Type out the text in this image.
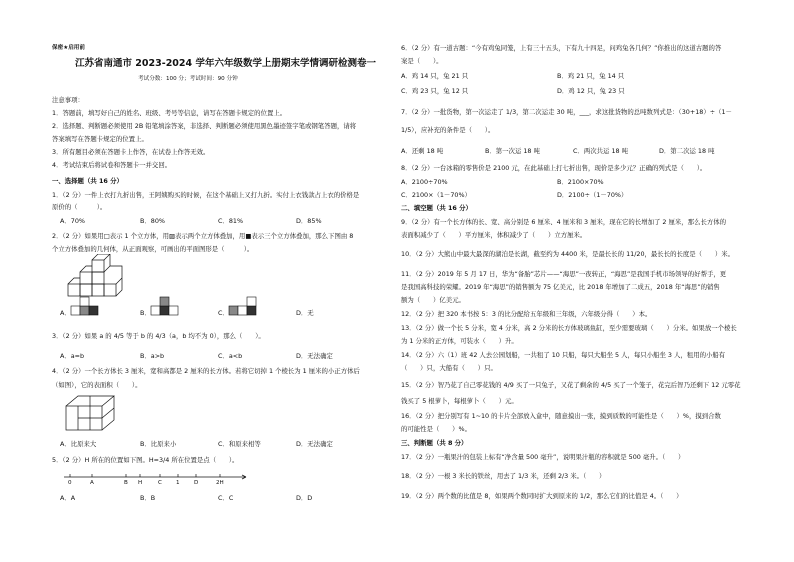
保密★启用前
江苏省南通市 2023-2024 学年六年级数学上册期末学情调研检测卷一
考试分数：100 分；考试时间：90 分钟
注意事项：
1．答题前，填写好自己的姓名、班级、考号等信息，请写在答题卡规定的位置上。
2．选择题、判断题必须使用 2B 铅笔填涂答案，非选择、判断题必须使用黑色墨迹签字笔或钢笔答题，请将
答案填写在答题卡规定的位置上。
3．所有题目必须在答题卡上作答，在试卷上作答无效。
4．考试结束后将试卷和答题卡一并交回。
一、选择题（共 16 分）
1．（2 分）一件上衣打九折出售，王阿姨购买的时候，在这个基础上又打九折。实付上衣钱款占上衣的价格是
原价的（　　　）。
A．70%	B．80%	C．81%	D．85%
2．（2 分）如果用□表示 1 个立方体，用▨表示两个立方体叠加，用■表示三个立方体叠加，那么下图由 8
个立方体叠加的几何体，从正面观察，可画出的平面图形是（　　　）。
A．	B．	C．	D．无
3．（2 分）如果 a 的 4/5 等于 b 的 4/3（a，b 均不为 0），那么（　　）。
A．a=b	B．a>b	C．a<b	D．无法确定
4．（2 分）一个长方体长 3 厘米，宽和高都是 2 厘米的长方体。若将它切掉 1 个棱长为 1 厘米的小正方体后
（如图），它的表面积（　　）。
A．比原来大	B．比原来小	C．和原来相等	D．无法确定
5．（2 分）H 所在的位置如下图。H=3/4 所在位置是点（　　）。
0	A	B H	C	1	D	2H
A．A	B．B	C．C	D．D
6．（2 分）有一道古题：“今有鸡兔同笼，上有三十五头，下有九十四足，问鸡兔各几何？”你推出的这道古题的答
案是（　　）。
A．鸡 14 只，兔 21 只	B．鸡 21 只，兔 14 只
C．鸡 23 只，兔 12 只	D．鸡 12 只，兔 23 只
7．（2 分）一批货物，第一次运走了 1/3，第二次运走 30 吨，___，求这批货物的总吨数列式是：（30+18）÷（1－
1/5），应补充的条件是（　　）。
A．还剩 18 吨	B．第一次运 18 吨	C．两次共运 18 吨	D．第二次运 18 吨
8．（2 分）一台冰箱的零售价是 2100 元，在此基础上打七折出售，现价是多少元？正确的列式是（　　）。
A．2100÷70%	B．2100×70%
C．2100×（1－70%）	D．2100÷（1－70%）
二、填空题（共 16 分）
9．（2 分）有一个长方体的长、宽、高分别是 6 厘米、4 厘米和 3 厘米，现在它的长增加了 2 厘米，那么长方体的
表面积减少了（　　）平方厘米，体积减少了（　　）立方厘米。
10．（2 分）大熊山中最大最深的湖泊是长湖，截至约为 4400 米，是最长长的 11/20，最长长的长度是（　　）米。
11．（2 分）2019 年 5 月 17 日，华为“备胎”芯片——“海思”一夜转正，“海思”是我国手机市场领导的好帮手，更
是我国高科技的荣耀。2019 年“海思”的销售额为 75 亿美元，比 2018 年增加了二成五，2018 年“海思”的销售
额为（　　）亿美元。
12．（2 分）把 320 本书按 5：3 的比分配给五年级和三年级，六年级分得（　　）本。
13．（2 分）做一个长 5 分米，宽 4 分米，高 2 分米的长方体玻璃鱼缸，至少需要玻璃（　　）分米。如果放一个棱长
为 1 分米的正方体，可装水（　　）升。
14．（2 分）六（1）班 42 人去公园划船，一共租了 10 只船，每只大船坐 5 人，每只小船坐 3 人，租用的小船有
（　　）只，大船有（　　）只。
15．（2 分）智乃花了自己零花钱的 4/9 买了一只兔子，又花了剩余的 4/5 买了一个笼子，花完后智乃还剩下 12 元零花
钱买了 5 根萝卜，每根萝卜（　　）元。
16．（2 分）把分别写有 1~10 的卡片全部放入盒中，随意摸出一张，摸到质数的可能性是（　　）%，摸到合数
的可能性是（　　）%。
三、判断题（共 8 分）
17．（2 分）一瓶果汁的包装上标有“净含量 500 毫升”，说明果汁瓶的容积就是 500 毫升。（　　）
18．（2 分）一根 3 米长的铁丝，用去了 1/3 米，还剩 2/3 米。（　　）
19．（2 分）两个数的比值是 8，如果两个数同时扩大到原来的 1/2，那么它们的比值是 4。（　　）
